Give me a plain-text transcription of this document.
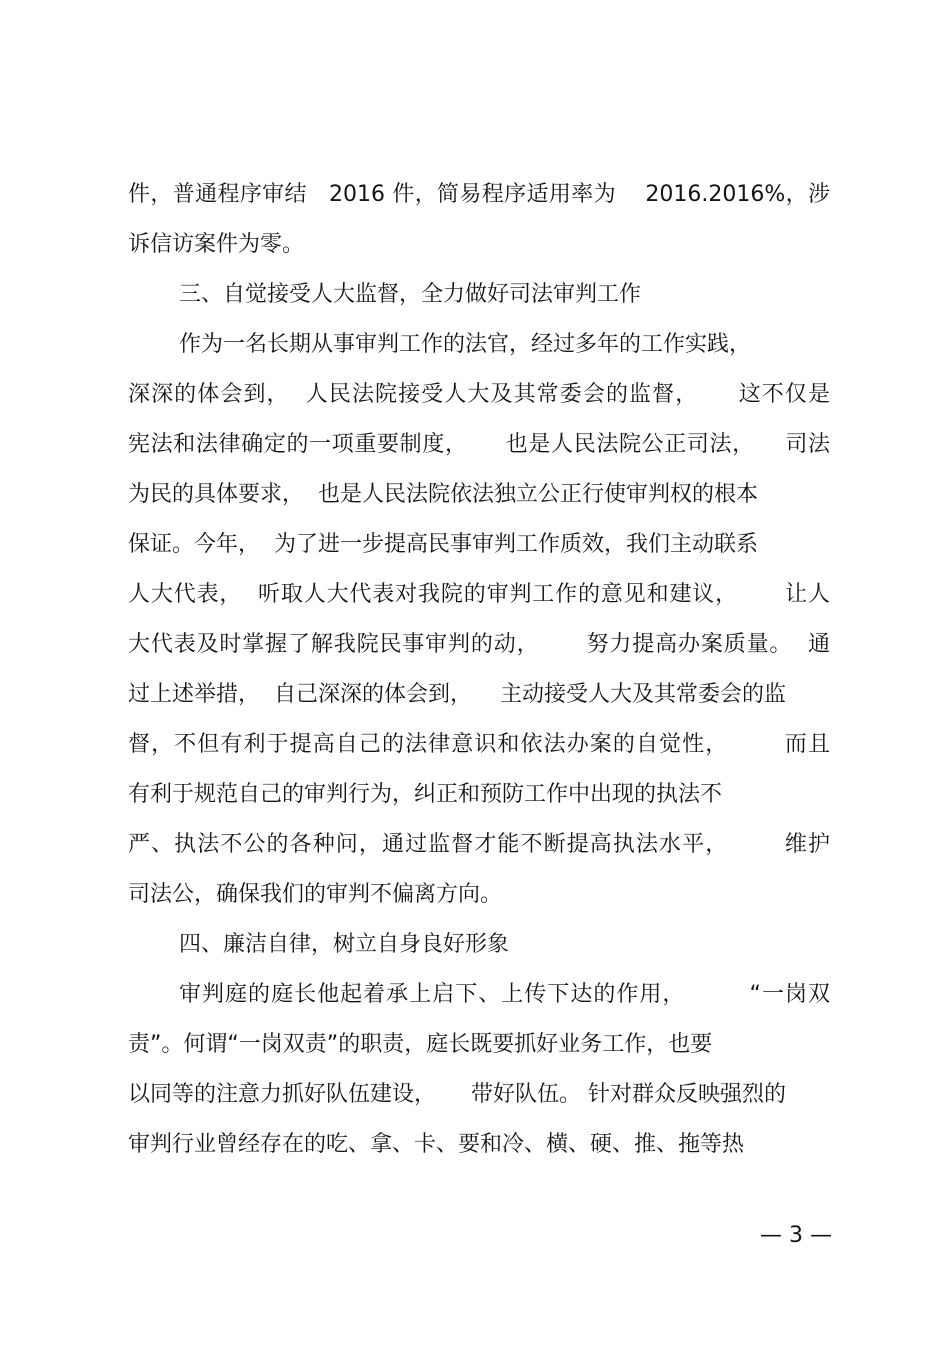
件，普通程序审结   2016 件，简易程序适用率为    2016.2016%，涉
诉信访案件为零。
三、自觉接受人大监督，全力做好司法审判工作
作为一名长期从事审判工作的法官，经过多年的工作实践，
深深的体会到，  人民法院接受人大及其常委会的监督，     这不仅是
宪法和法律确定的一项重要制度，     也是人民法院公正司法，    司法
为民的具体要求，  也是人民法院依法独立公正行使审判权的根本
保证。今年，  为了进一步提高民事审判工作质效，我们主动联系
人大代表，  听取人大代表对我院的审判工作的意见和建议，      让人
大代表及时掌握了解我院民事审判的动，      努力提高办案质量。  通
过上述举措，  自己深深的体会到，    主动接受人大及其常委会的监
督，不但有利于提高自己的法律意识和依法办案的自觉性，       而且
有利于规范自己的审判行为，纠正和预防工作中出现的执法不
严、执法不公的各种问，通过监督才能不断提高执法水平，       维护
司法公，确保我们的审判不偏离方向。
四、廉洁自律，树立自身良好形象
审判庭的庭长他起着承上启下、上传下达的作用，        “一岗双
责”。何谓“一岗双责”的职责，庭长既要抓好业务工作，也要
以同等的注意力抓好队伍建设，     带好队伍。 针对群众反映强烈的
审判行业曾经存在的吃、拿、卡、要和冷、横、硬、推、拖等热
— 3 —
